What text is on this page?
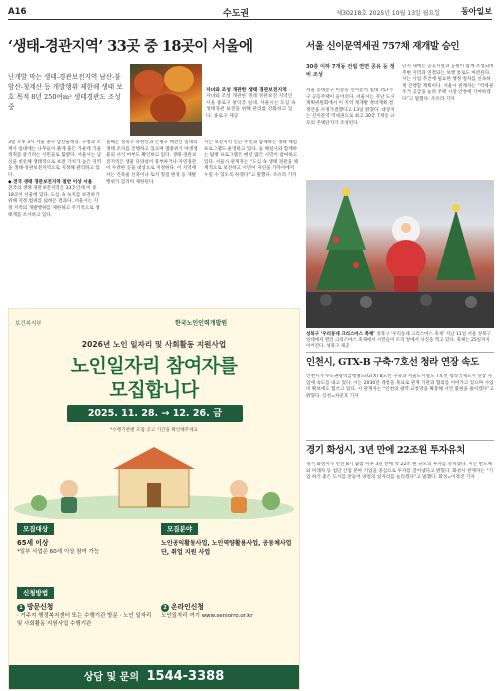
A16	수도권	제30218호 2025년 10월 13일 월요일	동아일보
‘생태-경관지역’ 33곳 중 18곳이 서울에
난개발 막는 생태-경관보전지역 남산-불암산-청계산 등 개발행위 제한해 생태 보호 목적 8년 250여m² 생태경관도 조성중
자녀와 조성 개관한 생태 경관보전지역
자녀와 조성 개관한 생태 경관보전 지역인 서울 종로구 창덕궁 일대. 서울시는 도심 속 생태경관 보전을 위해 관리를 강화하고 있다. 종로구 제공
3일 오후 3시 서울 종구 남산둘레길. 구청과 조계사 일대에는 나무들이 붉게 물든 가운데 가을 정취를 즐기려는 시민들로 붐볐다. 서울시는 남산을 비롯해 생태적으로 보전 가치가 높은 지역을 생태-경관보전지역으로 지정해 관리하고 있다.
◆ 전국 생태 경관보전지역 절반 이상 서울
전국의 생태 경관보전지역은 33곳인데 이 중 18곳이 서울에 있다. 도심 속 녹지를 보전하기 위해 지정 범위를 넓혀온 결과다. 서울시는 지정 지역의 개발행위를 제한하고 주기적으로 생태계를 조사하고 있다.
올해는 성북구 북한산과 은평구 백련산 일대의 생태 조사를 진행하고 있으며 멸종위기 야생생물의 서식 여부도 확인하고 있다. 생태-경관보전지역은 생물 다양성이 풍부하거나 자연경관이 수려한 곳을 대상으로 지정한다. 이 지역에서는 건축물 신축이나 토지 형질 변경 등 개발행위가 엄격히 제한된다.
시는 보전지역 인근 주민과 함께하는 생태 체험 프로그램도 운영하고 있다. 숲 해설사와 함께하는 탐방 프로그램은 매년 많은 시민이 참여하고 있다. 서울시 관계자는 “도심 속 생태 경관을 체계적으로 보전하고 시민이 자연을 가까이에서 누릴 수 있도록 하겠다”고 말했다. 조유라 기자
보건복지부	한국노인인력개발원
2026년 노인 일자리 및 사회활동 지원사업
노인일자리 참여자를
모집합니다
2025. 11. 28. → 12. 26. 금
*수행기관별 모집 공고 기간을 확인해주세요
모집대상
65세 이상
*일부 사업은 60세 이상 참여 가능
모집분야
노인공익활동사업, 노인역량활용사업, 공동체사업단, 취업 지원 사업
신청방법
1 방문신청
· 거주지 행정복지센터 또는 수행기관 방문 · 노인 일자리 및 사회활동 지원사업 수행기관
2 온라인신청
노인일자리 여기 www.seniorro.or.kr
상담 및 문의 1544-3388
서울 신이문역세권 757채 재개발 승인
30층 이하 7개동 건립 연면 공유 등 정비 조성
서울 동대문구 이문동 신이문역 일대 757가구 공동주택이 들어선다. 서울시는 지난 도시계획위원회에서 이 지역 재개발 정비계획 결정안을 수정가결했다고 13일 밝혔다. 대상지는 신이문역 역세권으로 최고 30층 7개동 규모의 주택단지가 조성된다.
단지 내에는 공공시설과 공원이 함께 조성되며 주변 지역과 연결되는 보행 통로도 마련된다. 시는 사업 추진에 필요한 행정 절차를 신속하게 진행할 계획이다. 서울시 관계자는 “역세권 주거 공급을 늘려 주택 시장 안정에 기여하겠다”고 말했다. 조유라 기자
성북구 ‘우리동네 크리스마스 축제’ 성북구 ‘우리동네 크리스마스 축제’ 지난 11일 서울 성북구 일대에서 열린 크리스마스 축제에서 시민들이 트리 앞에서 사진을 찍고 있다. 축제는 25일까지 이어진다. 성북구 제공
인천시, GTX-B 구축·7호선 청라 연장 속도
인천시가 수도권광역급행철도(GTX) B노선 구축과 서울도시철도 7호선 청라국제도시 연장 사업에 속도를 내고 있다. 시는 2030년 개통을 목표로 관계 기관과 협의를 이어가고 있으며 사업비 확보에도 힘쓰고 있다. 시 관계자는 “인천의 광역 교통망을 확충해 시민 불편을 줄이겠다”고 밝혔다. 인천=차준호 기자
경기 화성시, 3년 만에 22조원 투자유치
경기 화성시가 민선 8기 출범 이후 3년 만에 약 22조 원 규모의 투자를 유치했다. 시는 반도체와 미래차 등 첨단 산업 분야 기업을 중심으로 투자를 끌어냈다고 밝혔다. 화성시 관계자는 “기업 하기 좋은 도시를 만들어 양질의 일자리를 늘리겠다”고 말했다. 화성=이경진 기자
